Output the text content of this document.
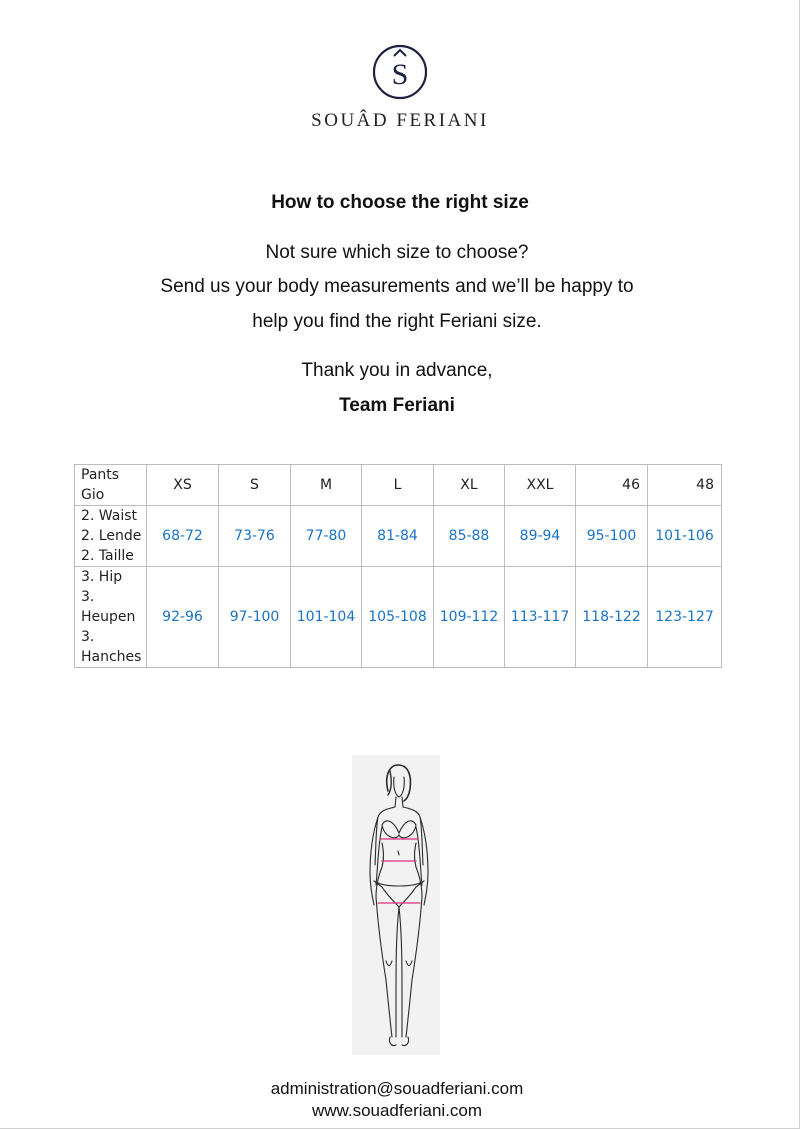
S
SOUÂD FERIANI
How to choose the right size
Not sure which size to choose?
Send us your body measurements and we’ll be happy to
help you find the right Feriani size.
Thank you in advance,
Team Feriani
Pants
Gio	XS	S	M	L	XL	XXL	46	48

2. Waist
2. Lende
2. Taille	68-72	73-76	77-80	81-84	85-88	89-94	95-100	101-106

3. Hip
3.
Heupen
3.
Hanches	92-96	97-100	101-104	105-108	109-112	113-117	118-122	123-127
administration@souadferiani.com
www.souadferiani.com
